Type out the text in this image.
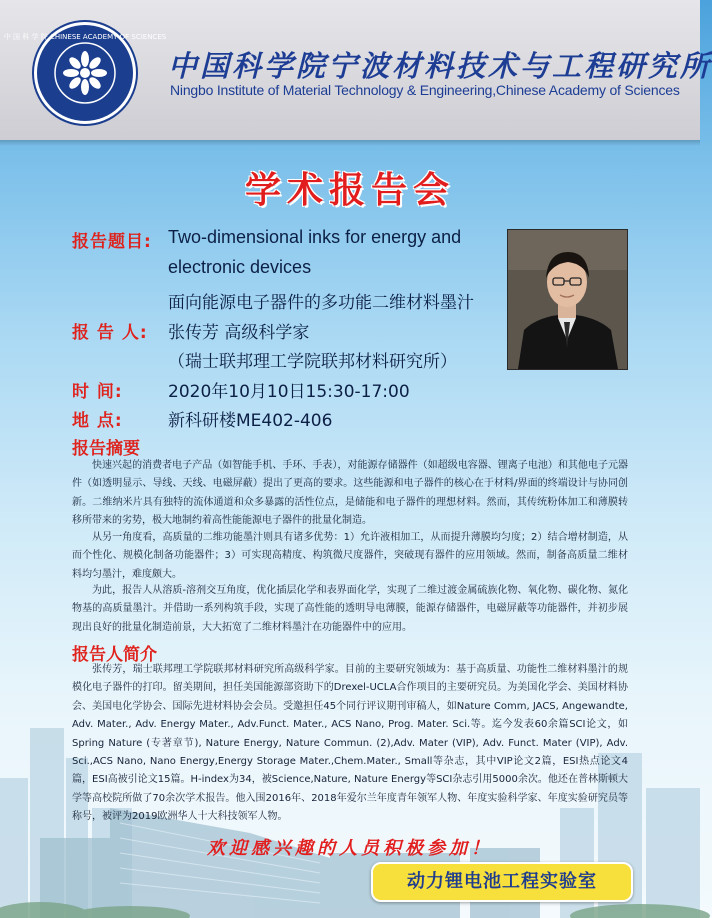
中 国 科 学 院 CHINESE ACADEMY OF SCIENCES
中国科学院宁波材料技术与工程研究所
Ningbo Institute of Material Technology & Engineering,Chinese Academy of Sciences
学术报告会
报告题目: Two-dimensional inks for energy and
electronic devices
面向能源电子器件的多功能二维材料墨汁
报 告 人: 张传芳 高级科学家
（瑞士联邦理工学院联邦材料研究所）
时 间:	2020年10月10日15:30-17:00
地 点:	新科研楼ME402-406
报告摘要

快速兴起的消费者电子产品（如智能手机、手环、手表），对能源存储器件（如超级电容器、锂离子电池）和其他电子元器件（如透明显示、导线、天线、电磁屏蔽）提出了更高的要求。这些能源和电子器件的核心在于材料/界面的终端设计与协同创新。二维纳米片具有独特的流体通道和众多暴露的活性位点，是储能和电子器件的理想材料。然而，其传统粉体加工和薄膜转移所带来的劣势，极大地制约着高性能能源电子器件的批量化制造。

从另一角度看，高质量的二维功能墨汁则具有诸多优势：1）允许液相加工，从而提升薄膜均匀度；2）结合增材制造，从而个性化、规模化制备功能器件；3）可实现高精度、构筑微尺度器件，突破现有器件的应用领域。然而，制备高质量二维材料均匀墨汁，难度颇大。

为此，报告人从溶质-溶剂交互角度，优化插层化学和表界面化学，实现了二维过渡金属硫族化物、氧化物、碳化物、氮化物基的高质量墨汁。并借助一系列构筑手段，实现了高性能的透明导电薄膜，能源存储器件，电磁屏蔽等功能器件，并初步展现出良好的批量化制造前景，大大拓宽了二维材料墨汁在功能器件中的应用。

报告人简介

张传芳，瑞士联邦理工学院联邦材料研究所高级科学家。目前的主要研究领域为：基于高质量、功能性二维材料墨汁的规模化电子器件的打印。留美期间，担任美国能源部资助下的Drexel-UCLA合作项目的主要研究员。为美国化学会、美国材料协会、美国电化学协会、国际先进材料协会会员。受邀担任45个同行评议期刊审稿人，如Nature Comm, JACS, Angewandte, Adv. Mater., Adv. Energy Mater., Adv.Funct. Mater., ACS Nano, Prog. Mater. Sci.等。迄今发表60余篇SCI论文，如Spring Nature (专著章节), Nature Energy, Nature Commun. (2),Adv. Mater (VIP), Adv. Funct. Mater (VIP), Adv. Sci.,ACS Nano, Nano Energy,Energy Storage Mater.,Chem.Mater., Small等杂志，其中VIP论文2篇，ESI热点论文4篇，ESI高被引论文15篇。H-index为34，被Science,Nature, Nature Energy等SCI杂志引用5000余次。他还在普林斯顿大学等高校院所做了70余次学术报告。他入围2016年、2018年爱尔兰年度青年领军人物、年度实验科学家、年度实验研究员等称号，被评为2019欧洲华人十大科技领军人物。

欢迎感兴趣的人员积极参加！
动力锂电池工程实验室
